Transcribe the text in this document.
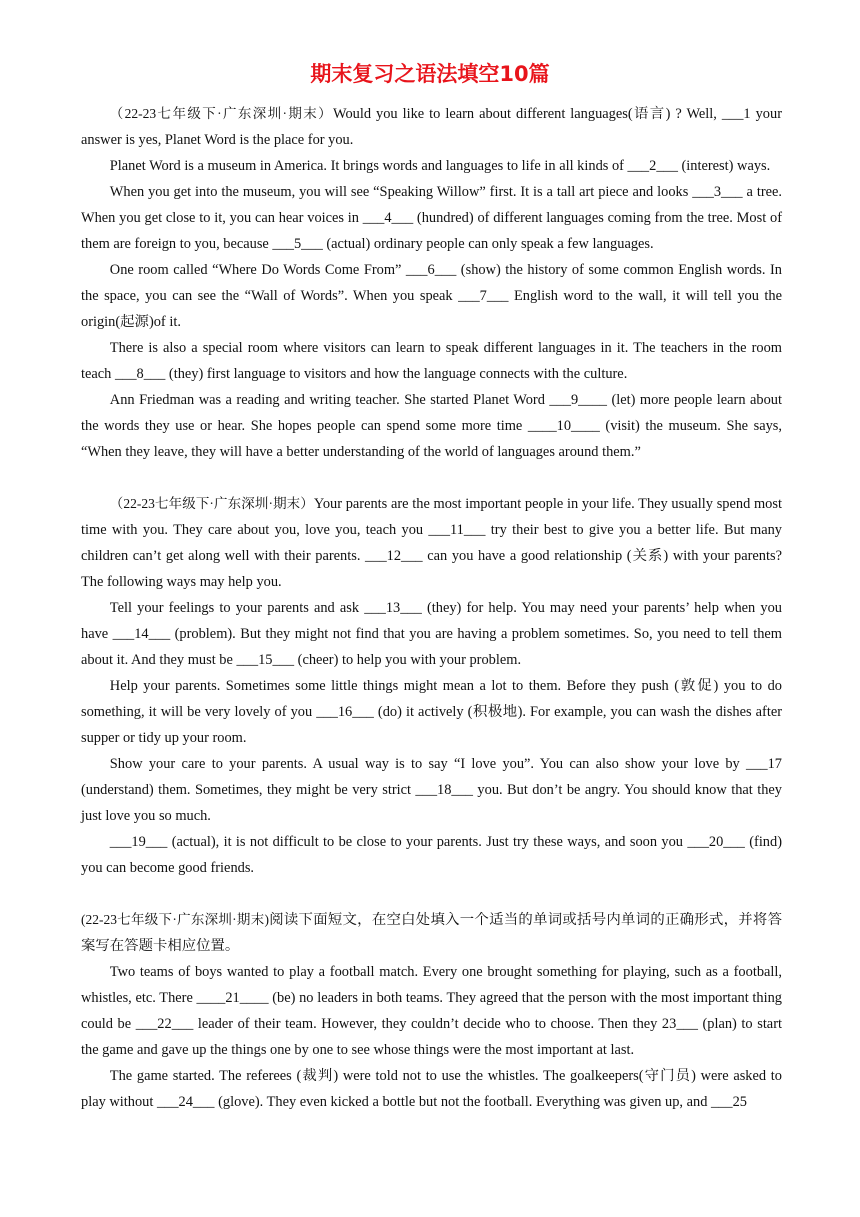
期末复习之语法填空10篇

（22-23七年级下·广东深圳·期末）Would you like to learn about different languages(语言) ? Well, ___1 your answer is yes, Planet Word is the place for you.

Planet Word is a museum in America. It brings words and languages to life in all kinds of ___2___ (interest) ways.

When you get into the museum, you will see “Speaking Willow” first. It is a tall art piece and looks ___3___ a tree. When you get close to it, you can hear voices in ___4___ (hundred) of different languages coming from the tree. Most of them are foreign to you, because ___5___ (actual) ordinary people can only speak a few languages.

One room called “Where Do Words Come From” ___6___ (show) the history of some common English words. In the space, you can see the “Wall of Words”. When you speak ___7___ English word to the wall, it will tell you the origin(起源)of it.

There is also a special room where visitors can learn to speak different languages in it. The teachers in the room teach ___8___ (they) first language to visitors and how the language connects with the culture.

Ann Friedman was a reading and writing teacher. She started Planet Word ___9____ (let) more people learn about the words they use or hear. She hopes people can spend some more time ____10____ (visit) the museum. She says, “When they leave, they will have a better understanding of the world of languages around them.”

（22-23七年级下·广东深圳·期末）Your parents are the most important people in your life. They usually spend most time with you. They care about you, love you, teach you ___11___ try their best to give you a better life. But many children can’t get along well with their parents. ___12___ can you have a good relationship (关系) with your parents? The following ways may help you.

Tell your feelings to your parents and ask ___13___ (they) for help. You may need your parents’ help when you have ___14___ (problem). But they might not find that you are having a problem sometimes. So, you need to tell them about it. And they must be ___15___ (cheer) to help you with your problem.

Help your parents. Sometimes some little things might mean a lot to them. Before they push (敦促) you to do something, it will be very lovely of you ___16___ (do) it actively (积极地). For example, you can wash the dishes after supper or tidy up your room.

Show your care to your parents. A usual way is to say “I love you”. You can also show your love by ___17 (understand) them. Sometimes, they might be very strict ___18___ you. But don’t be angry. You should know that they just love you so much.

___19___ (actual), it is not difficult to be close to your parents. Just try these ways, and soon you ___20___ (find) you can become good friends.

(22-23七年级下·广东深圳·期末)阅读下面短文，在空白处填入一个适当的单词或括号内单词的正确形式，并将答案写在答题卡相应位置。

Two teams of boys wanted to play a football match. Every one brought something for playing, such as a football, whistles, etc. There ____21____ (be) no leaders in both teams. They agreed that the person with the most important thing could be ___22___ leader of their team. However, they couldn’t decide who to choose. Then they 23___ (plan) to start the game and gave up the things one by one to see whose things were the most important at last.

The game started. The referees (裁判) were told not to use the whistles. The goalkeepers(守门员) were asked to play without ___24___ (glove). They even kicked a bottle but not the football. Everything was given up, and ___25
